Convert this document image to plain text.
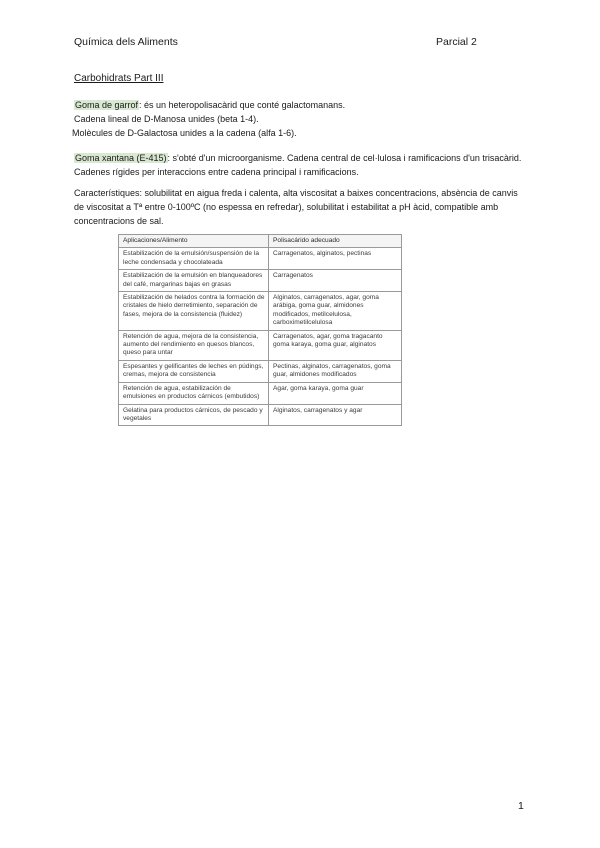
Química dels Aliments	Parcial 2
Carbohidrats Part III
Goma de garrof: és un heteropolisacàrid que conté galactomanans.
Cadena lineal de D-Manosa unides (beta 1-4).
Molècules de D-Galactosa unides a la cadena (alfa 1-6).
Goma xantana (E-415): s'obté d'un microorganisme. Cadena central de cel·lulosa i ramificacions d'un trisacàrid.
Cadenes rígides per interaccions entre cadena principal i ramificacions.
Característiques: solubilitat en aigua freda i calenta, alta viscositat a baixes concentracions, absència de canvis
de viscositat a Tª entre 0-100ºC (no espessa en refredar), solubilitat i estabilitat a pH àcid, compatible amb
concentracions de sal.
Aplicaciones/Alimento	Polisacárido adecuado
Estabilización de la emulsión/suspensión de la leche condensada y chocolateada	Carragenatos, alginatos, pectinas
Estabilización de la emulsión en blanqueadores del café, margarinas bajas en grasas	Carragenatos
Estabilización de helados contra la formación de cristales de hielo derretimiento, separación de fases, mejora de la consistencia (fluidez)	Alginatos, carragenatos, agar, goma arábiga, goma guar, almidones modificados, metilcelulosa, carboximetilcelulosa
Retención de agua, mejora de la consistencia, aumento del rendimiento en quesos blancos, queso para untar	Carragenatos, agar, goma tragacanto goma karaya, goma guar, alginatos
Espesantes y gelificantes de leches en púdings, cremas, mejora de consistencia	Pectinas, alginatos, carragenatos, goma guar, almidones modificados
Retención de agua, estabilización de emulsiones en productos cárnicos (embutidos)	Agar, goma karaya, goma guar
Gelatina para productos cárnicos, de pescado y vegetales	Alginatos, carragenatos y agar
1
